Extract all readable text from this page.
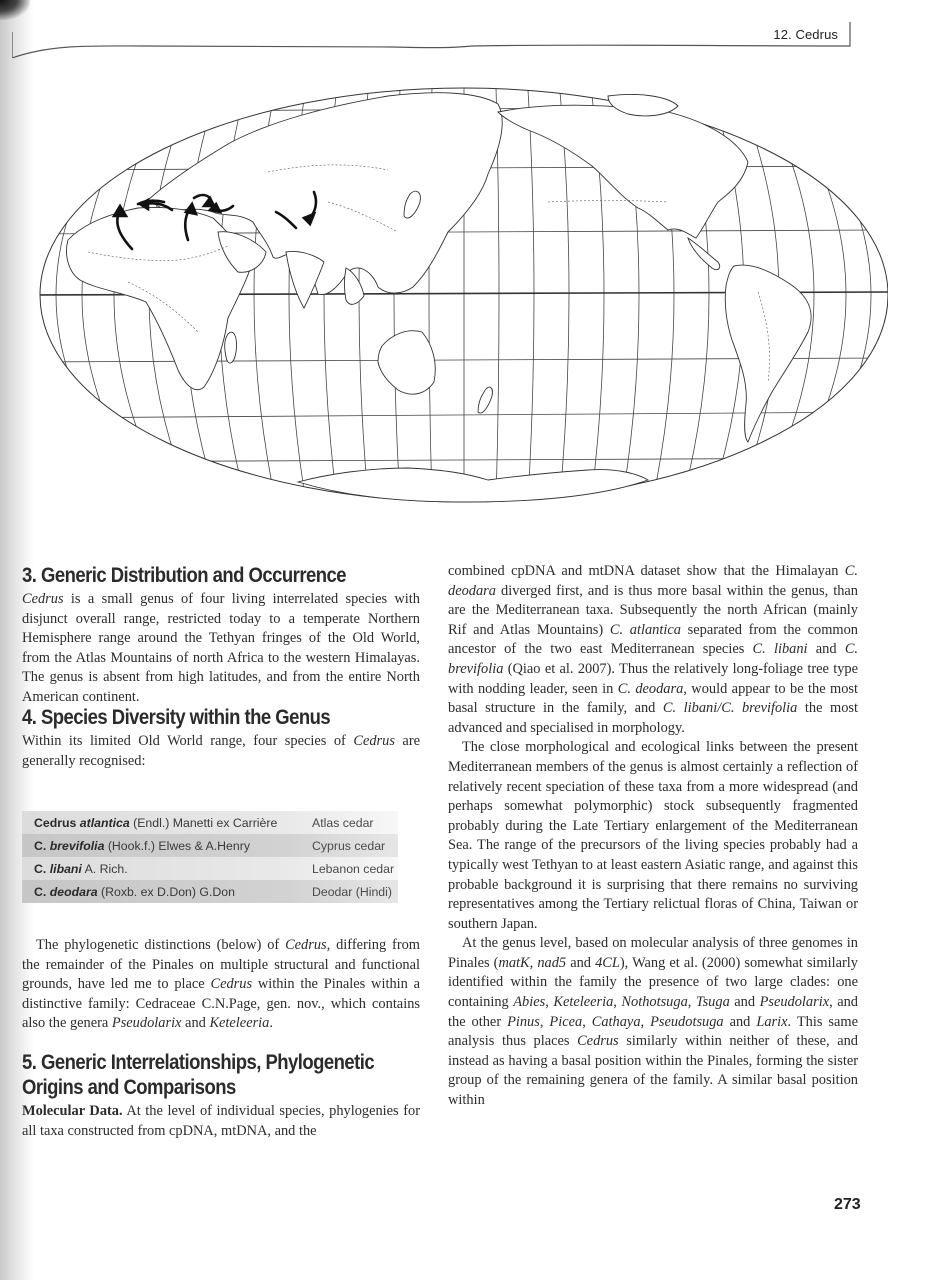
12. Cedrus
3. Generic Distribution and Occurrence

Cedrus is a small genus of four living interrelated species with disjunct overall range, restricted today to a temperate Northern Hemisphere range around the Tethyan fringes of the Old World, from the Atlas Mountains of north Africa to the western Himalayas. The genus is absent from high latitudes, and from the entire North American continent.

4. Species Diversity within the Genus

Within its limited Old World range, four species of Cedrus are generally recognised:

Cedrus atlantica (Endl.) Manetti ex Carrière	Atlas cedar
C. brevifolia (Hook.f.) Elwes & A.Henry	Cyprus cedar
C. libani A. Rich.	Lebanon cedar
C. deodara (Roxb. ex D.Don) G.Don	Deodar (Hindi)

The phylogenetic distinctions (below) of Cedrus, differing from the remainder of the Pinales on multiple structural and functional grounds, have led me to place Cedrus within the Pinales within a distinctive family: Cedraceae C.N.Page, gen. nov., which contains also the genera Pseudolarix and Keteleeria.

5. Generic Interrelationships, Phylogenetic
Origins and Comparisons

Molecular Data. At the level of individual species, phylogenies for all taxa constructed from cpDNA, mtDNA, and the

combined cpDNA and mtDNA dataset show that the Himalayan C. deodara diverged first, and is thus more basal within the genus, than are the Mediterranean taxa. Subsequently the north African (mainly Rif and Atlas Mountains) C. atlantica separated from the common ancestor of the two east Mediterranean species C. libani and C. brevifolia (Qiao et al. 2007). Thus the relatively long-foliage tree type with nodding leader, seen in C. deodara, would appear to be the most basal structure in the family, and C. libani/C. brevifolia the most advanced and specialised in morphology.

The close morphological and ecological links between the present Mediterranean members of the genus is almost certainly a reflection of relatively recent speciation of these taxa from a more widespread (and perhaps somewhat polymorphic) stock subsequently fragmented probably during the Late Tertiary enlargement of the Mediterranean Sea. The range of the precursors of the living species probably had a typically west Tethyan to at least eastern Asiatic range, and against this probable background it is surprising that there remains no surviving representatives among the Tertiary relictual floras of China, Taiwan or southern Japan.

At the genus level, based on molecular analysis of three genomes in Pinales (matK, nad5 and 4CL), Wang et al. (2000) somewhat similarly identified within the family the presence of two large clades: one containing Abies, Keteleeria, Nothotsuga, Tsuga and Pseudolarix, and the other Pinus, Picea, Cathaya, Pseudotsuga and Larix. This same analysis thus places Cedrus similarly within neither of these, and instead as having a basal position within the Pinales, forming the sister group of the remaining genera of the family. A similar basal position within

273
